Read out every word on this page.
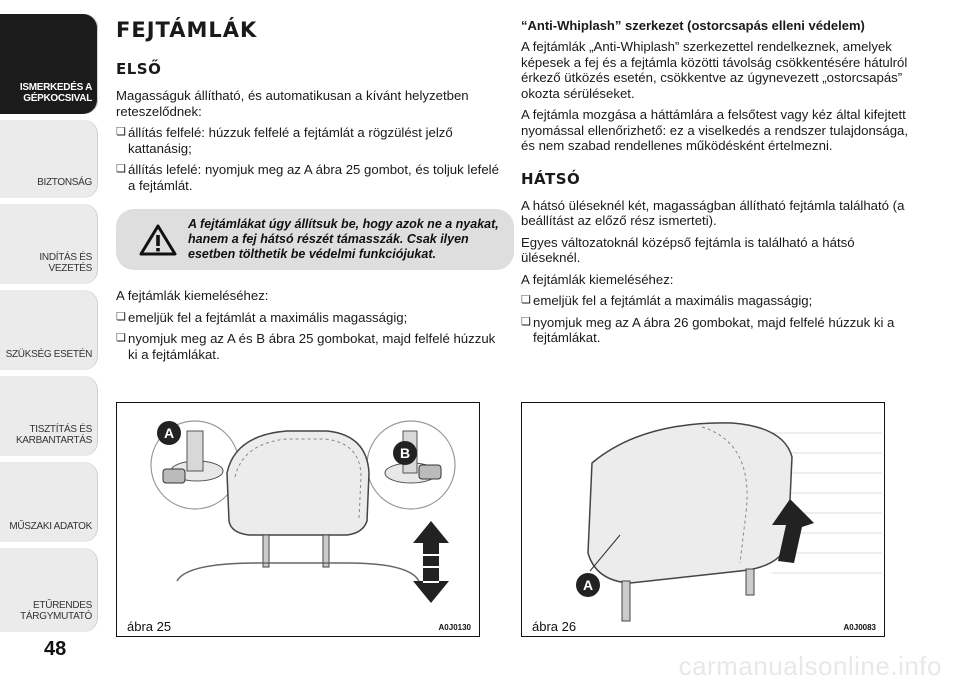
ISMERKEDÉS A GÉPKOCSIVAL
BIZTONSÁG
INDÍTÁS ÉS VEZETÉS
SZÜKSÉG ESETÉN
TISZTÍTÁS ÉS KARBANTARTÁS
MŰSZAKI ADATOK
ETŰRENDES TÁRGYMUTATÓ
48
FEJTÁMLÁK
ELSŐ

Magasságuk állítható, és automatikusan a kívánt helyzetben reteszelődnek:

❏ állítás felfelé: húzzuk felfelé a fejtámlát a rögzülést jelző kattanásig;
❏ állítás lefelé: nyomjuk meg az A ábra 25 gombot, és toljuk lefelé a fejtámlát.
A fejtámlákat úgy állítsuk be, hogy azok ne a nyakat, hanem a fej hátsó részét támasszák. Csak ilyen esetben tölthetik be védelmi funkciójukat.

A fejtámlák kiemeléséhez:

❏ emeljük fel a fejtámlát a maximális magasságig;
❏ nyomjuk meg az A és B ábra 25 gombokat, majd felfelé húzzuk ki a fejtámlákat.
“Anti-Whiplash” szerkezet (ostorcsapás elleni védelem)

A fejtámlák „Anti-Whiplash” szerkezettel rendelkeznek, amelyek képesek a fej és a fejtámla közötti távolság csökkentésére hátulról érkező ütközés esetén, csökkentve az úgynevezett „ostorcsapás” okozta sérüléseket.

A fejtámla mozgása a háttámlára a felsőtest vagy kéz által kifejtett nyomással ellenőrizhető: ez a viselkedés a rendszer tulajdonsága, és nem szabad rendellenes működésként értelmezni.

HÁTSÓ

A hátsó üléseknél két, magasságban állítható fejtámla található (a beállítást az előző rész ismerteti).

Egyes változatoknál középső fejtámla is található a hátsó üléseknél.

A fejtámlák kiemeléséhez:

❏ emeljük fel a fejtámlát a maximális magasságig;
❏ nyomjuk meg az A ábra 26 gombokat, majd felfelé húzzuk ki a fejtámlákat.
A
B
ábra 25	A0J0130
A
ábra 26	A0J0083
carmanualsonline.info
